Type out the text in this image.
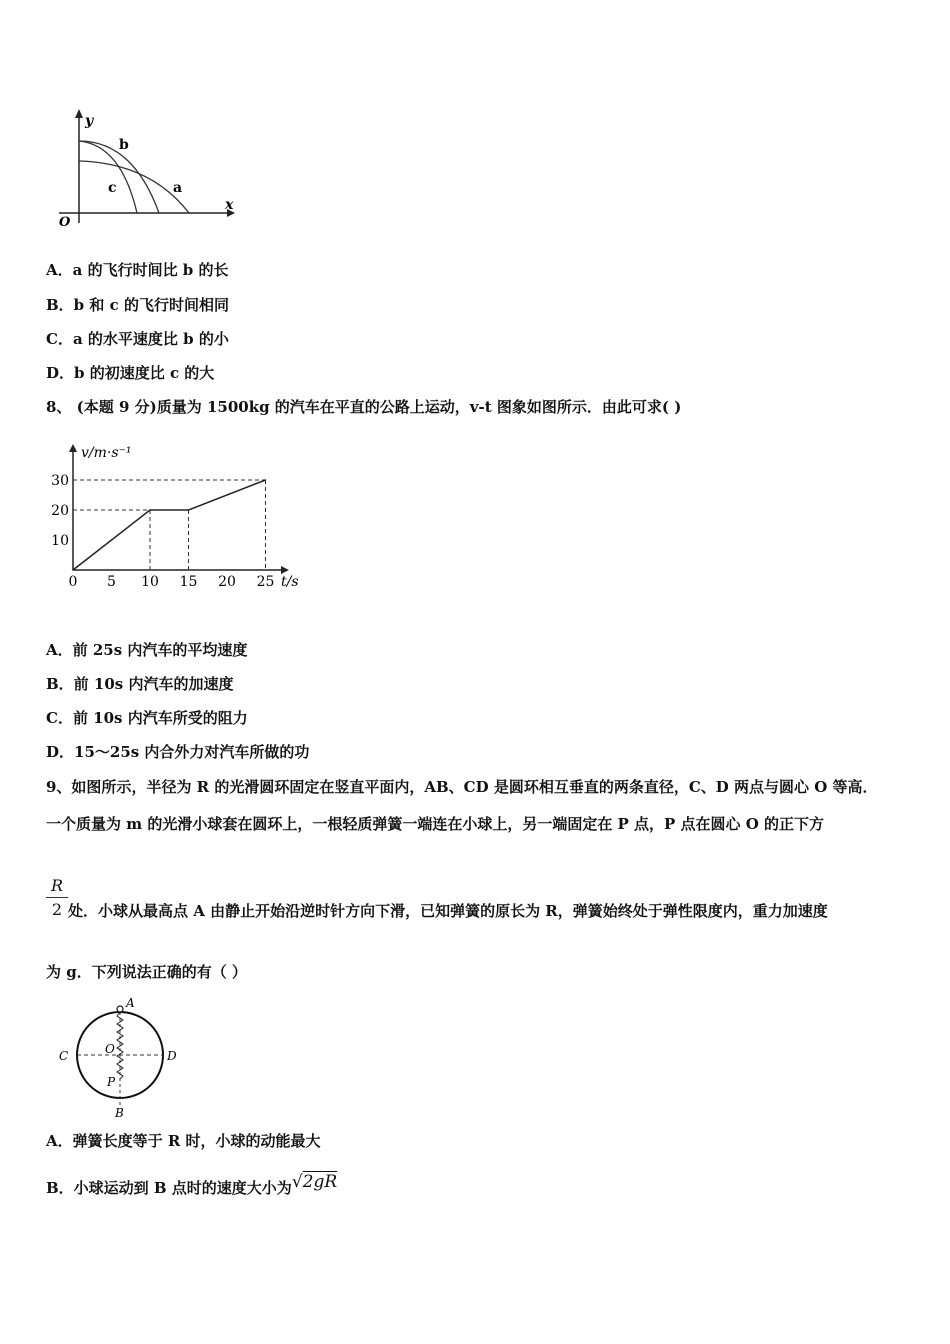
y
x
O
b
c	a
A．a 的飞行时间比 b 的长
B．b 和 c 的飞行时间相同
C．a 的水平速度比 b 的小
D．b 的初速度比 c 的大
8、 (本题 9 分)质量为 1500kg 的汽车在平直的公路上运动，v-t 图象如图所示．由此可求( )
v/m·s⁻¹
t/s
0 5 10 15 20 25
10
20
30
A．前 25s 内汽车的平均速度
B．前 10s 内汽车的加速度
C．前 10s 内汽车所受的阻力
D．15～25s 内合外力对汽车所做的功
9、如图所示，半径为 R 的光滑圆环固定在竖直平面内，AB、CD 是圆环相互垂直的两条直径，C、D 两点与圆心 O 等高．
一个质量为 m 的光滑小球套在圆环上，一根轻质弹簧一端连在小球上，另一端固定在 P 点，P 点在圆心 O 的正下方
R
2 处．小球从最高点 A 由静止开始沿逆时针方向下滑，已知弹簧的原长为 R，弹簧始终处于弹性限度内，重力加速度
为 g．下列说法正确的有（ ）
A
B
C	D
O
P
A．弹簧长度等于 R 时，小球的动能最大
B．小球运动到 B 点时的速度大小为√2gR
